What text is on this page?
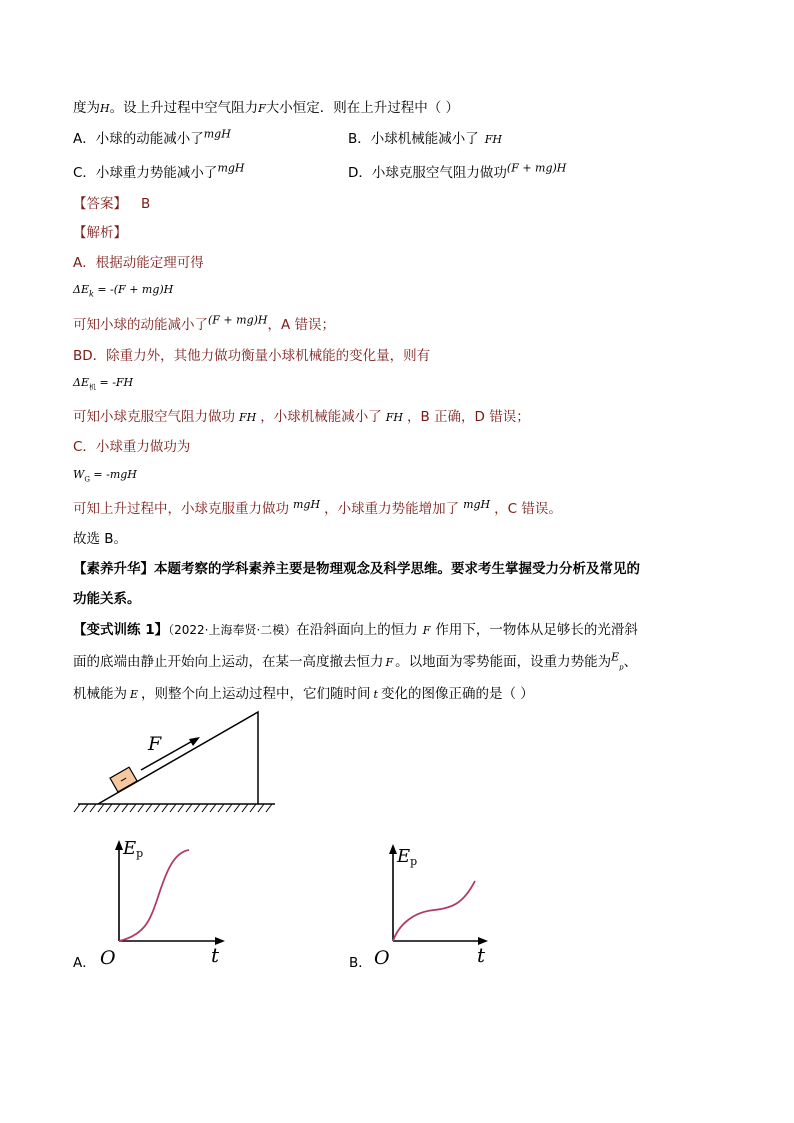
度为H。设上升过程中空气阻力F大小恒定．则在上升过程中（ ）
A．小球的动能减小了$^{mgH}$	B．小球机械能减小了 FH
C．小球重力势能减小了$^{mgH}$	D．小球克服空气阻力做功$^{(F + mg)H}$
【答案】 B
【解析】
A．根据动能定理可得
$\Delta E_k = -(F + mg)H$
可知小球的动能减小了$^{(F + mg)H}$，A 错误；
BD．除重力外，其他力做功衡量小球机械能的变化量，则有
$\Delta E_机 = -FH$
可知小球克服空气阻力做功 FH ，小球机械能减小了 FH ，B 正确，D 错误；
C．小球重力做功为
$W_G = -mgH$
可知上升过程中，小球克服重力做功 $^{mgH}$ ，小球重力势能增加了 $^{mgH}$ ，C 错误。
故选 B。
【素养升华】本题考察的学科素养主要是物理观念及科学思维。要求考生掌握受力分析及常见的
功能关系。
【变式训练 1】（2022·上海奉贤·二模）在沿斜面向上的恒力 F 作用下，一物体从足够长的光滑斜
面的底端由静止开始向上运动，在某一高度撤去恒力 F 。以地面为零势能面，设重力势能为$^E_p$、
机械能为 E ，则整个向上运动过程中，它们随时间 t 变化的图像正确的是（ ）
F
A．
Ep
t
O	B．
Ep
t
O
